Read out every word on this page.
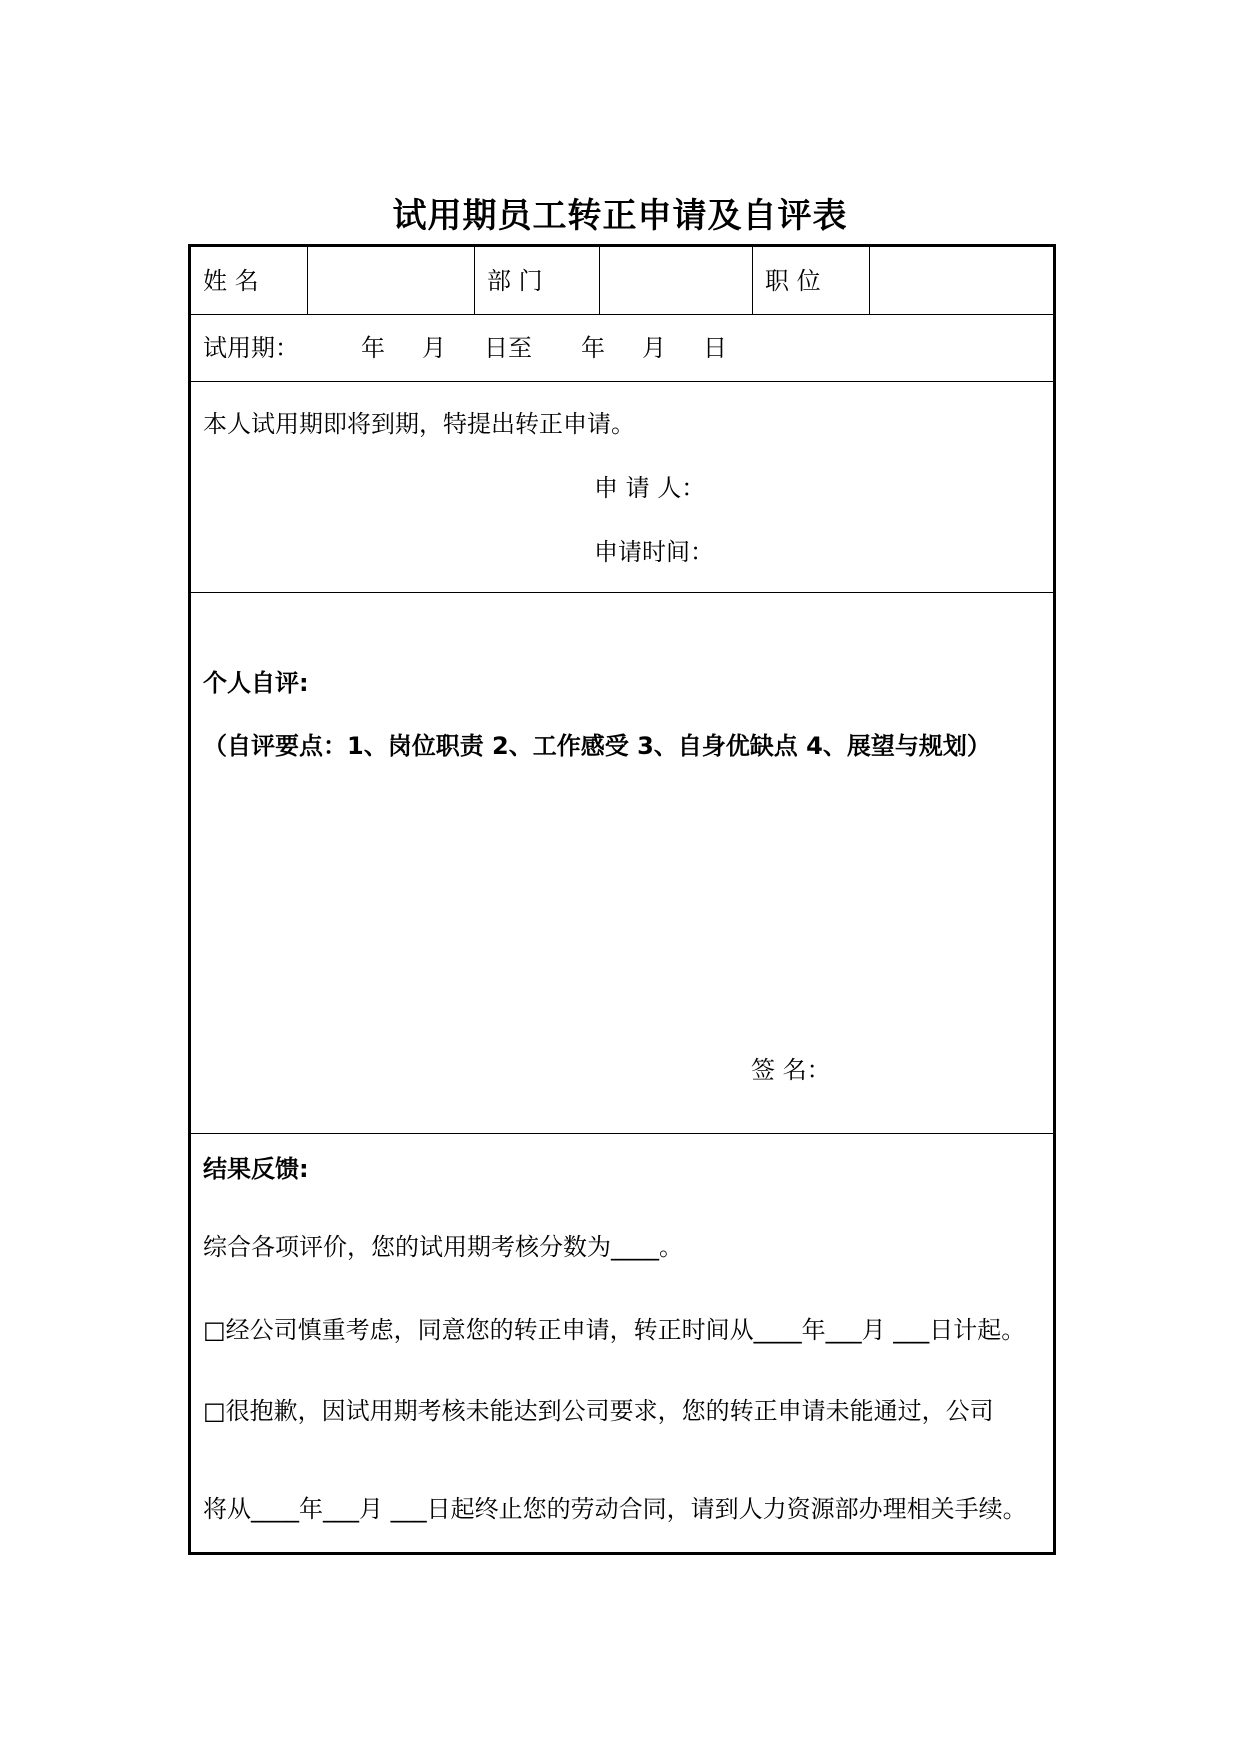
试用期员工转正申请及自评表
姓 名	部 门	职 位
试用期：	年 月 日至 年 月 日
本人试用期即将到期，特提出转正申请。
申 请 人：
申请时间：
个人自评:
（自评要点：1、岗位职责 2、工作感受 3、自身优缺点 4、展望与规划）
签 名：
结果反馈:
综合各项评价，您的试用期考核分数为____。
□经公司慎重考虑，同意您的转正申请，转正时间从____年___月 ___日计起。
□很抱歉，因试用期考核未能达到公司要求，您的转正申请未能通过，公司
将从____年___月 ___日起终止您的劳动合同，请到人力资源部办理相关手续。
